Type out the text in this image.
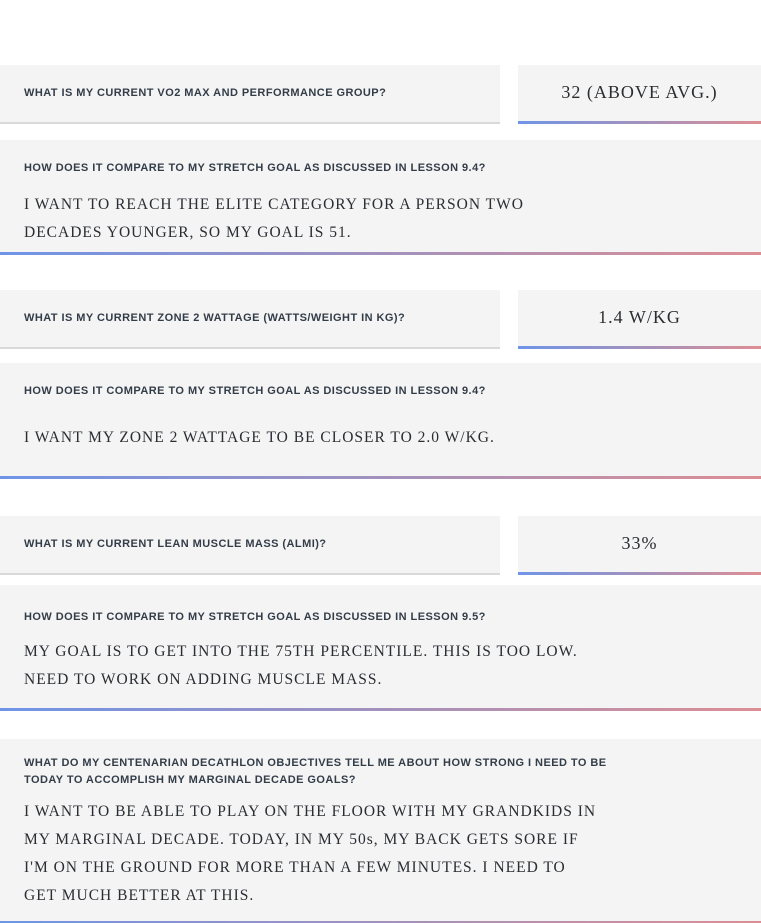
WHAT IS MY CURRENT VO2 MAX AND PERFORMANCE GROUP?	32 (ABOVE AVG.)
HOW DOES IT COMPARE TO MY STRETCH GOAL AS DISCUSSED IN LESSON 9.4?
I WANT TO REACH THE ELITE CATEGORY FOR A PERSON TWO
DECADES YOUNGER, SO MY GOAL IS 51.
WHAT IS MY CURRENT ZONE 2 WATTAGE (WATTS/WEIGHT IN KG)?	1.4 W/KG
HOW DOES IT COMPARE TO MY STRETCH GOAL AS DISCUSSED IN LESSON 9.4?
I WANT MY ZONE 2 WATTAGE TO BE CLOSER TO 2.0 W/KG.
WHAT IS MY CURRENT LEAN MUSCLE MASS (ALMI)?	33%
HOW DOES IT COMPARE TO MY STRETCH GOAL AS DISCUSSED IN LESSON 9.5?
MY GOAL IS TO GET INTO THE 75TH PERCENTILE. THIS IS TOO LOW.
NEED TO WORK ON ADDING MUSCLE MASS.
WHAT DO MY CENTENARIAN DECATHLON OBJECTIVES TELL ME ABOUT HOW STRONG I NEED TO BE
TODAY TO ACCOMPLISH MY MARGINAL DECADE GOALS?
I WANT TO BE ABLE TO PLAY ON THE FLOOR WITH MY GRANDKIDS IN
MY MARGINAL DECADE. TODAY, IN MY 50s, MY BACK GETS SORE IF
I'M ON THE GROUND FOR MORE THAN A FEW MINUTES. I NEED TO
GET MUCH BETTER AT THIS.
